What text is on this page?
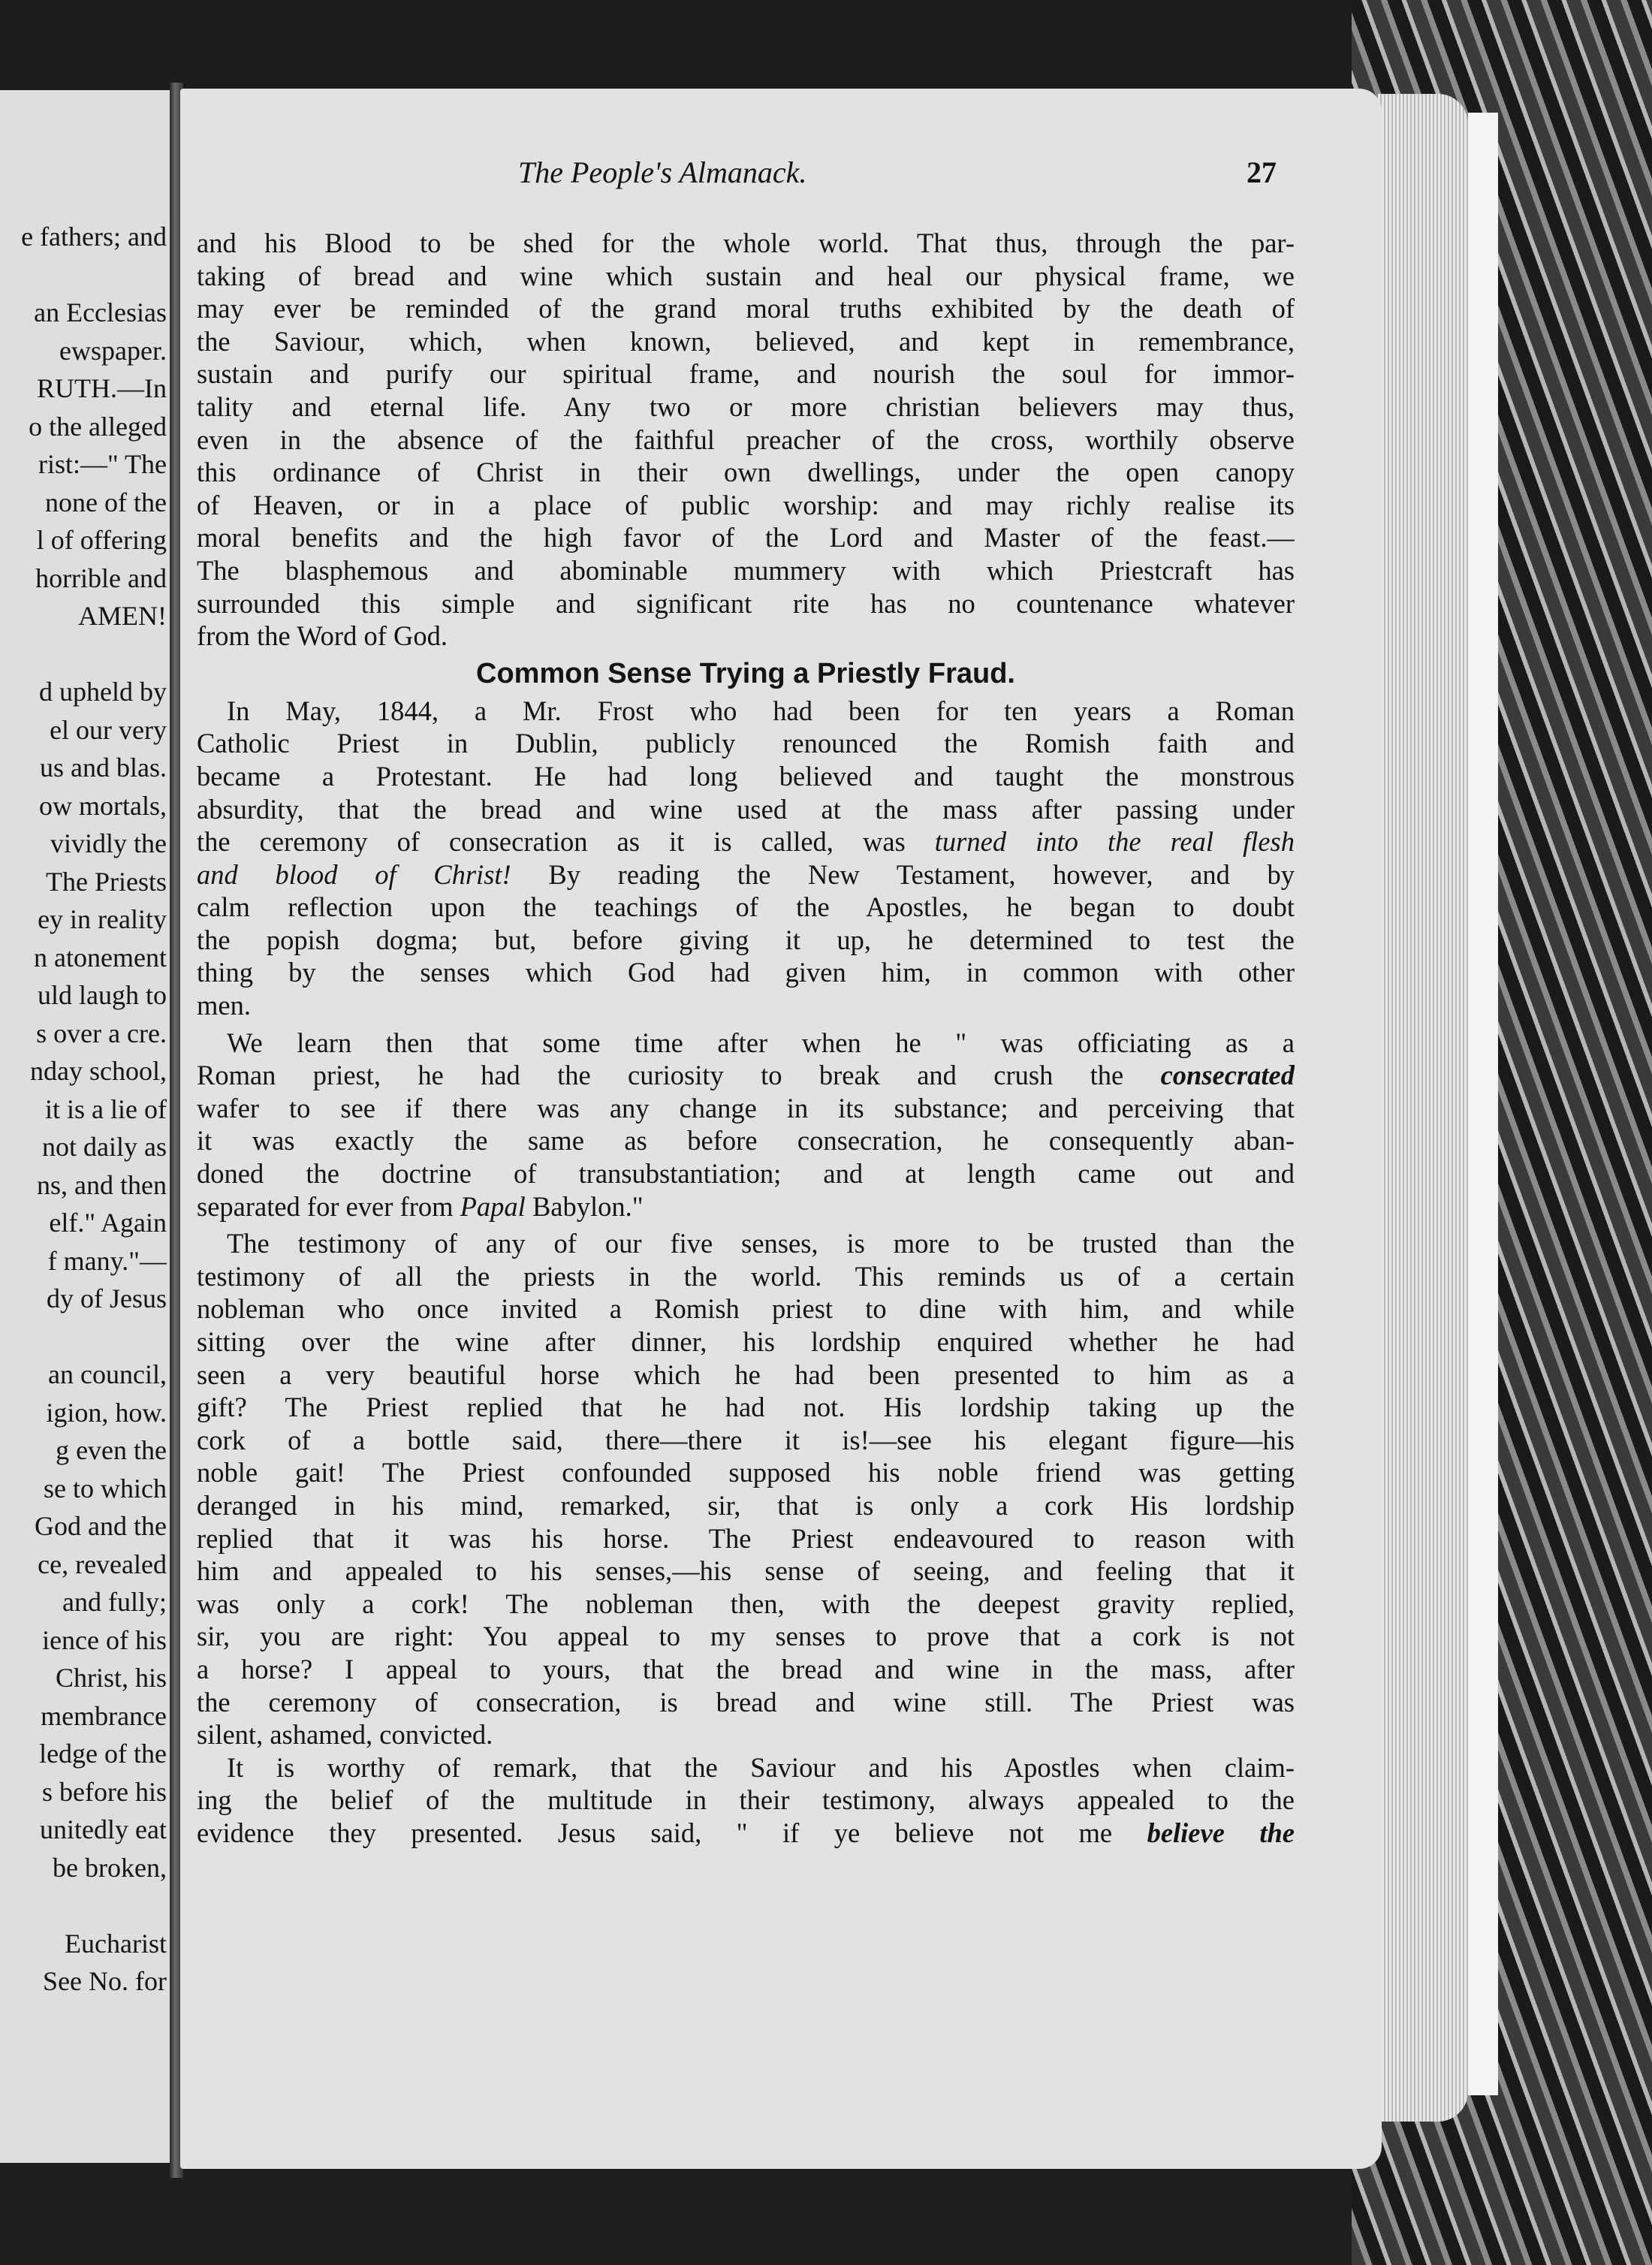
e fathers; and
an Ecclesias
ewspaper.
RUTH.—In
o the alleged
rist:—" The
none of the
l of offering
horrible and
AMEN!
d upheld by
el our very
us and blas.
ow mortals,
vividly the
The Priests
ey in reality
n atonement
uld laugh to
s over a cre.
nday school,
it is a lie of
not daily as
ns, and then
elf." Again
f many."—
dy of Jesus
an council,
igion, how.
g even the
se to which
God and the
ce, revealed
and fully;
ience of his
Christ, his
membrance
ledge of the
s before his
unitedly eat
be broken,
Eucharist
See No. for
The People's Almanack.	27
and his Blood to be shed for the whole world. That thus, through the par-
taking of bread and wine which sustain and heal our physical frame, we
may ever be reminded of the grand moral truths exhibited by the death of
the Saviour, which, when known, believed, and kept in remembrance,
sustain and purify our spiritual frame, and nourish the soul for immor-
tality and eternal life. Any two or more christian believers may thus,
even in the absence of the faithful preacher of the cross, worthily observe
this ordinance of Christ in their own dwellings, under the open canopy
of Heaven, or in a place of public worship: and may richly realise its
moral benefits and the high favor of the Lord and Master of the feast.—
The blasphemous and abominable mummery with which Priestcraft has
surrounded this simple and significant rite has no countenance whatever
from the Word of God.
Common Sense Trying a Priestly Fraud.
In May, 1844, a Mr. Frost who had been for ten years a Roman
Catholic Priest in Dublin, publicly renounced the Romish faith and
became a Protestant. He had long believed and taught the monstrous
absurdity, that the bread and wine used at the mass after passing under
the ceremony of consecration as it is called, was turned into the real flesh
and blood of Christ! By reading the New Testament, however, and by
calm reflection upon the teachings of the Apostles, he began to doubt
the popish dogma; but, before giving it up, he determined to test the
thing by the senses which God had given him, in common with other
men.
We learn then that some time after when he " was officiating as a
Roman priest, he had the curiosity to break and crush the consecrated
wafer to see if there was any change in its substance; and perceiving that
it was exactly the same as before consecration, he consequently aban-
doned the doctrine of transubstantiation; and at length came out and
separated for ever from Papal Babylon."
The testimony of any of our five senses, is more to be trusted than the
testimony of all the priests in the world. This reminds us of a certain
nobleman who once invited a Romish priest to dine with him, and while
sitting over the wine after dinner, his lordship enquired whether he had
seen a very beautiful horse which he had been presented to him as a
gift? The Priest replied that he had not. His lordship taking up the
cork of a bottle said, there—there it is!—see his elegant figure—his
noble gait! The Priest confounded supposed his noble friend was getting
deranged in his mind, remarked, sir, that is only a cork His lordship
replied that it was his horse. The Priest endeavoured to reason with
him and appealed to his senses,—his sense of seeing, and feeling that it
was only a cork! The nobleman then, with the deepest gravity replied,
sir, you are right: You appeal to my senses to prove that a cork is not
a horse? I appeal to yours, that the bread and wine in the mass, after
the ceremony of consecration, is bread and wine still. The Priest was
silent, ashamed, convicted.
It is worthy of remark, that the Saviour and his Apostles when claim-
ing the belief of the multitude in their testimony, always appealed to the
evidence they presented. Jesus said, " if ye believe not me believe the
